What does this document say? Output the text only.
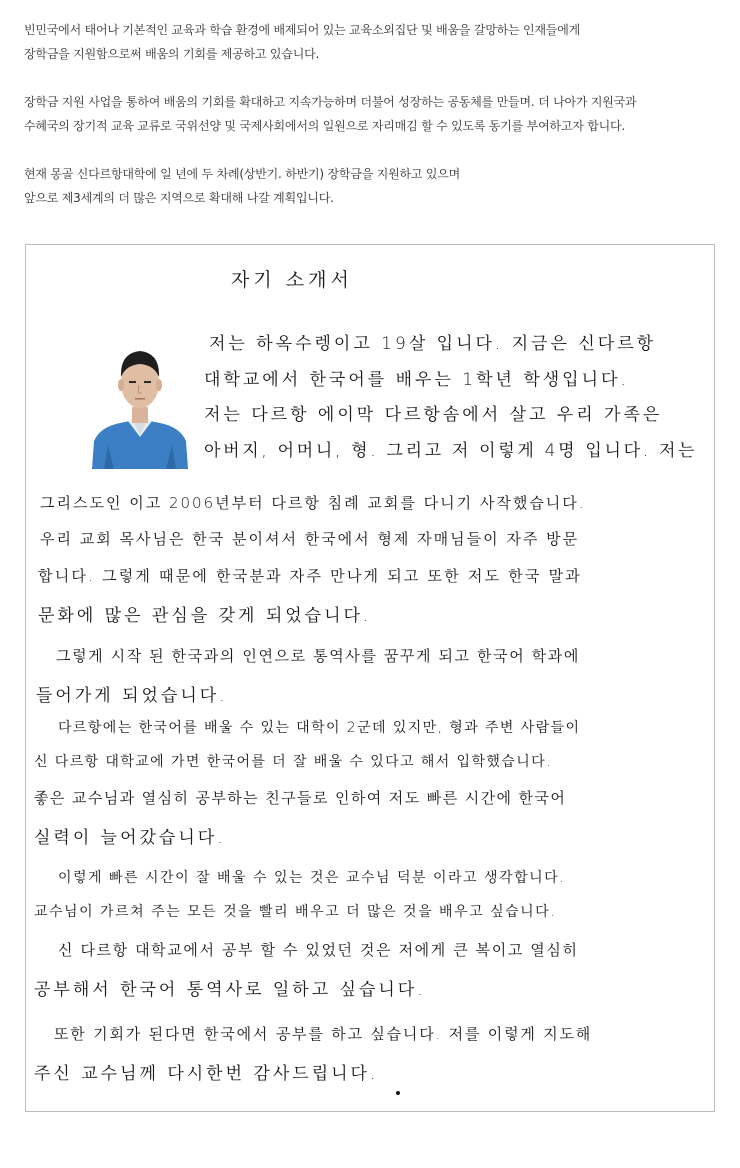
빈민국에서 태어나 기본적인 교육과 학습 환경에 배제되어 있는 교육소외집단 및 배움을 갈망하는 인재들에게
장학금을 지원함으로써 배움의 기회를 제공하고 있습니다.

장학금 지원 사업을 통하여 배움의 기회를 확대하고 지속가능하며 더불어 성장하는 공동체를 만들며. 더 나아가 지원국과
수혜국의 장기적 교육 교류로 국위선양 및 국제사회에서의 일원으로 자리매김 할 수 있도록 동기를 부여하고자 합니다.

현재 몽골 신다르항대학에 일 년에 두 차례(상반기. 하반기) 장학금을 지원하고 있으며
앞으로 제3세계의 더 많은 지역으로 확대해 나갈 계획입니다.

자기 소개서
저는 하옥수렝이고 19살 입니다. 지금은 신다르항
대학교에서 한국어를 배우는 1학년 학생입니다.
저는 다르항 에이막 다르항솜에서 살고 우리 가족은
아버지, 어머니, 형. 그리고 저 이렇게 4명 입니다. 저는
그리스도인 이고 2006년부터 다르항 침례 교회를 다니기 사작했습니다.
우리 교회 목사님은 한국 분이셔서 한국에서 형제 자매님들이 자주 방문
합니다. 그렇게 때문에 한국분과 자주 만나게 되고 또한 저도 한국 말과
문화에 많은 관심을 갖게 되었습니다.
그렇게 시작 된 한국과의 인연으로 통역사를 꿈꾸게 되고 한국어 학과에
들어가게 되었습니다.
다르항에는 한국어를 배울 수 있는 대학이 2군데 있지만, 형과 주변 사람들이
신 다르항 대학교에 가면 한국어를 더 잘 배울 수 있다고 해서 입학했습니다.
좋은 교수님과 열심히 공부하는 친구들로 인하여 저도 빠른 시간에 한국어
실력이 늘어갔습니다.
이렇게 빠른 시간이 잘 배울 수 있는 것은 교수님 덕분 이라고 생각합니다.
교수님이 가르쳐 주는 모든 것을 빨리 배우고 더 많은 것을 배우고 싶습니다.
신 다르항 대학교에서 공부 할 수 있었던 것은 저에게 큰 복이고 열심히
공부해서 한국어 통역사로 일하고 싶습니다.
또한 기회가 된다면 한국에서 공부를 하고 싶습니다. 저를 이렇게 지도해
주신 교수님께 다시한번 감사드립니다.
